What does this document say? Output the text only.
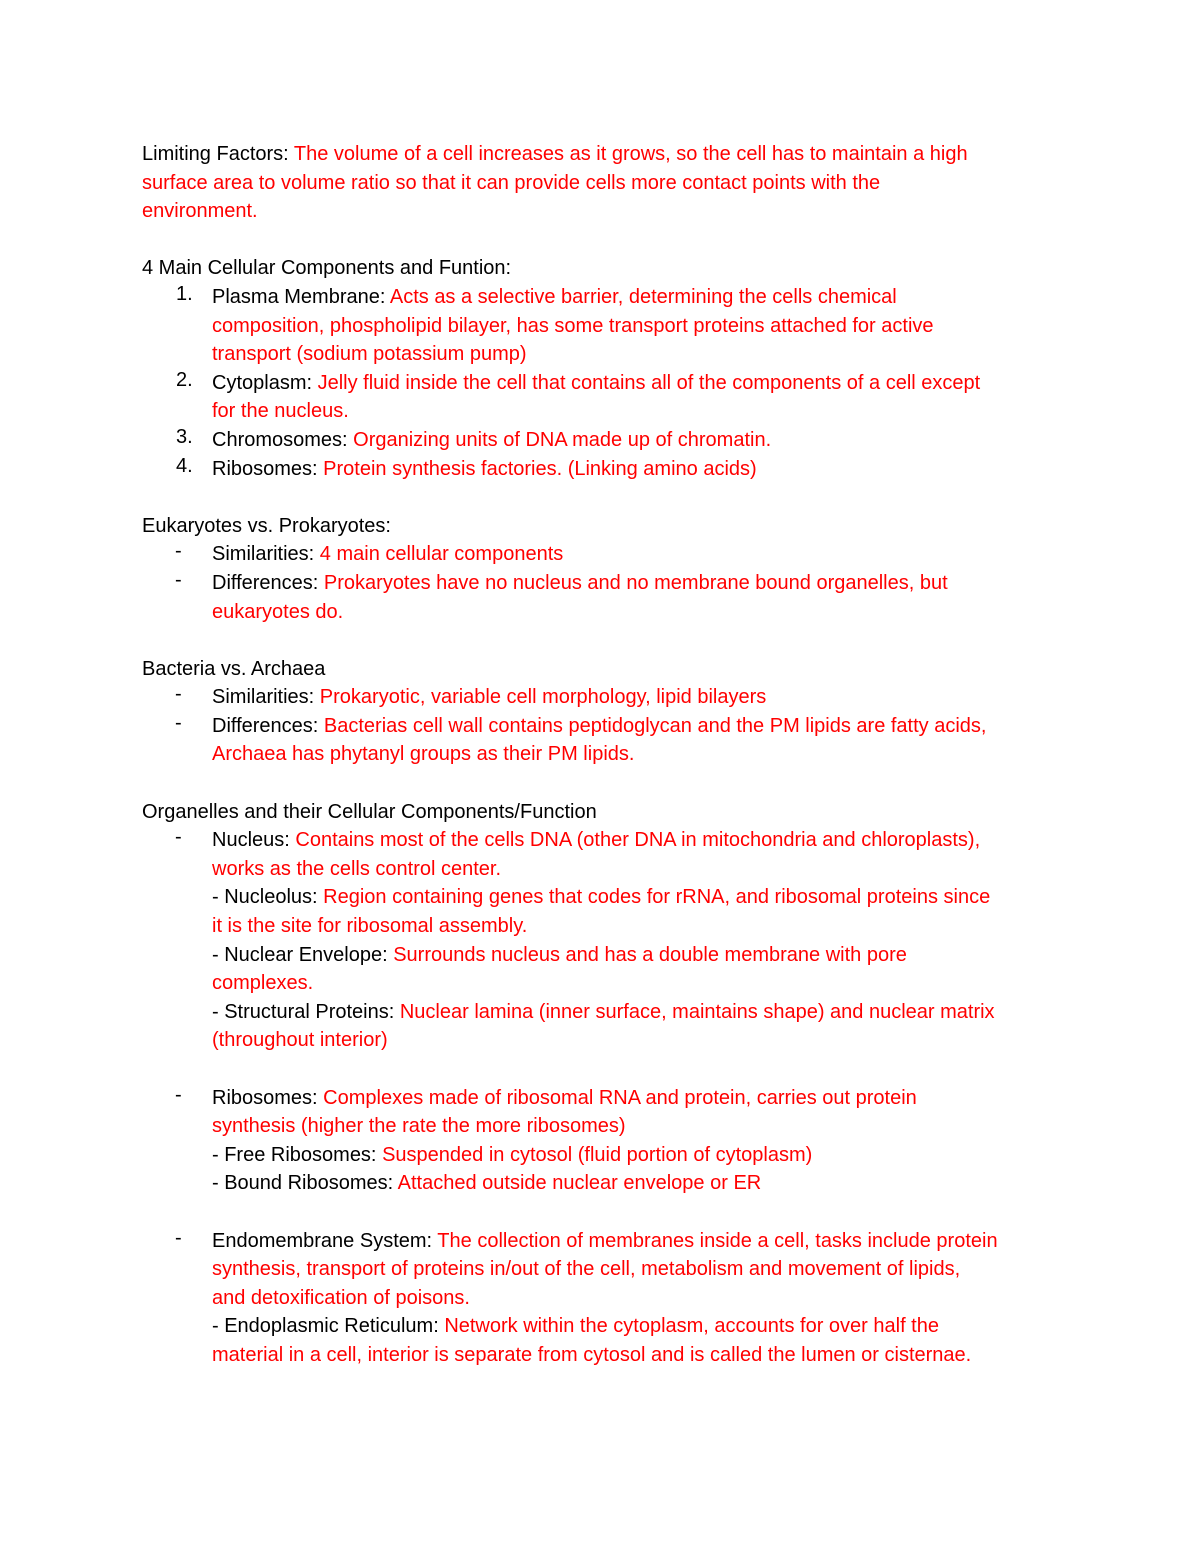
Limiting Factors: The volume of a cell increases as it grows, so the cell has to maintain a high
surface area to volume ratio so that it can provide cells more contact points with the
environment.
4 Main Cellular Components and Funtion:
1. Plasma Membrane: Acts as a selective barrier, determining the cells chemical
composition, phospholipid bilayer, has some transport proteins attached for active
transport (sodium potassium pump)
2. Cytoplasm: Jelly fluid inside the cell that contains all of the components of a cell except
for the nucleus.
3. Chromosomes: Organizing units of DNA made up of chromatin.
4. Ribosomes: Protein synthesis factories. (Linking amino acids)
Eukaryotes vs. Prokaryotes:
- Similarities: 4 main cellular components
- Differences: Prokaryotes have no nucleus and no membrane bound organelles, but
eukaryotes do.
Bacteria vs. Archaea
- Similarities: Prokaryotic, variable cell morphology, lipid bilayers
- Differences: Bacterias cell wall contains peptidoglycan and the PM lipids are fatty acids,
Archaea has phytanyl groups as their PM lipids.
Organelles and their Cellular Components/Function
- Nucleus: Contains most of the cells DNA (other DNA in mitochondria and chloroplasts),
works as the cells control center.
- Nucleolus: Region containing genes that codes for rRNA, and ribosomal proteins since
it is the site for ribosomal assembly.
- Nuclear Envelope: Surrounds nucleus and has a double membrane with pore
complexes.
- Structural Proteins: Nuclear lamina (inner surface, maintains shape) and nuclear matrix
(throughout interior)
- Ribosomes: Complexes made of ribosomal RNA and protein, carries out protein
synthesis (higher the rate the more ribosomes)
- Free Ribosomes: Suspended in cytosol (fluid portion of cytoplasm)
- Bound Ribosomes: Attached outside nuclear envelope or ER
- Endomembrane System: The collection of membranes inside a cell, tasks include protein
synthesis, transport of proteins in/out of the cell, metabolism and movement of lipids,
and detoxification of poisons.
- Endoplasmic Reticulum: Network within the cytoplasm, accounts for over half the
material in a cell, interior is separate from cytosol and is called the lumen or cisternae.
